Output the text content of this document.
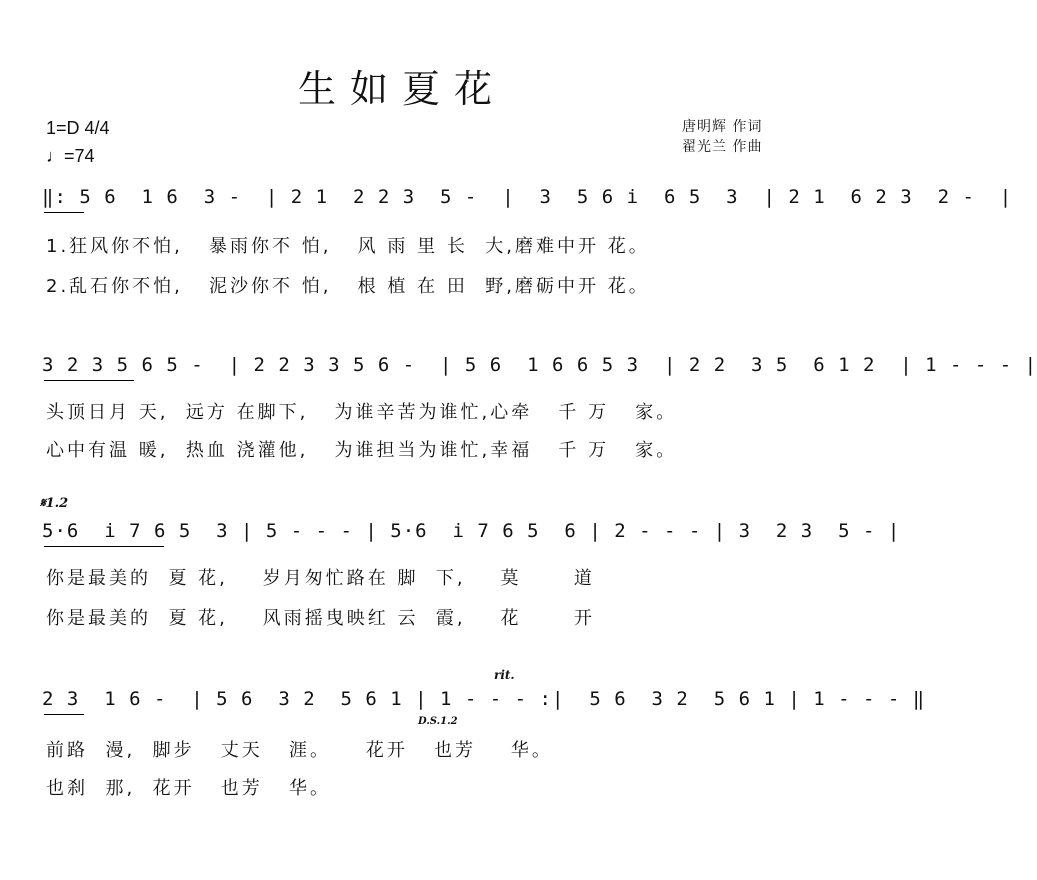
生如夏花
1=D 4/4
♩=74
唐明辉 作词
翟光兰 作曲
‖: 5 6  1 6  3 -  | 2 1  2 2 3  5 -  |  3  5 6 i  6 5  3  | 2 1  6 2 3  2 -  |
1.狂风你不怕,   暴雨你不 怕,   风 雨 里 长  大,磨难中开 花。
2.乱石你不怕,   泥沙你不 怕,   根 植 在 田  野,磨砺中开 花。
3 2 3 5 6 5 -  | 2 2 3 3 5 6 -  | 5 6  1 6 6 5 3  | 2 2  3 5  6 1 2  | 1 - - - |
头顶日月 天,  远方 在脚下,   为谁辛苦为谁忙,心牵   千 万   家。
心中有温 暖,  热血 浇灌他,   为谁担当为谁忙,幸福   千 万   家。
𝄋1.2
5·6  i 7 6 5  3 | 5 - - - | 5·6  i 7 6 5  6 | 2 - - - | 3  2 3  5 - |
你是最美的  夏 花,    岁月匆忙路在 脚  下,    莫      道
你是最美的  夏 花,    风雨摇曳映红 云  霞,    花      开
rit.
2 3  1 6 -  | 5 6  3 2  5 6 1 | 1 - - - :|  5 6  3 2  5 6 1 | 1 - - - ‖
D.S.1.2
前路  漫,  脚步   丈天   涯。    花开   也芳    华。
也刹  那,  花开   也芳   华。
